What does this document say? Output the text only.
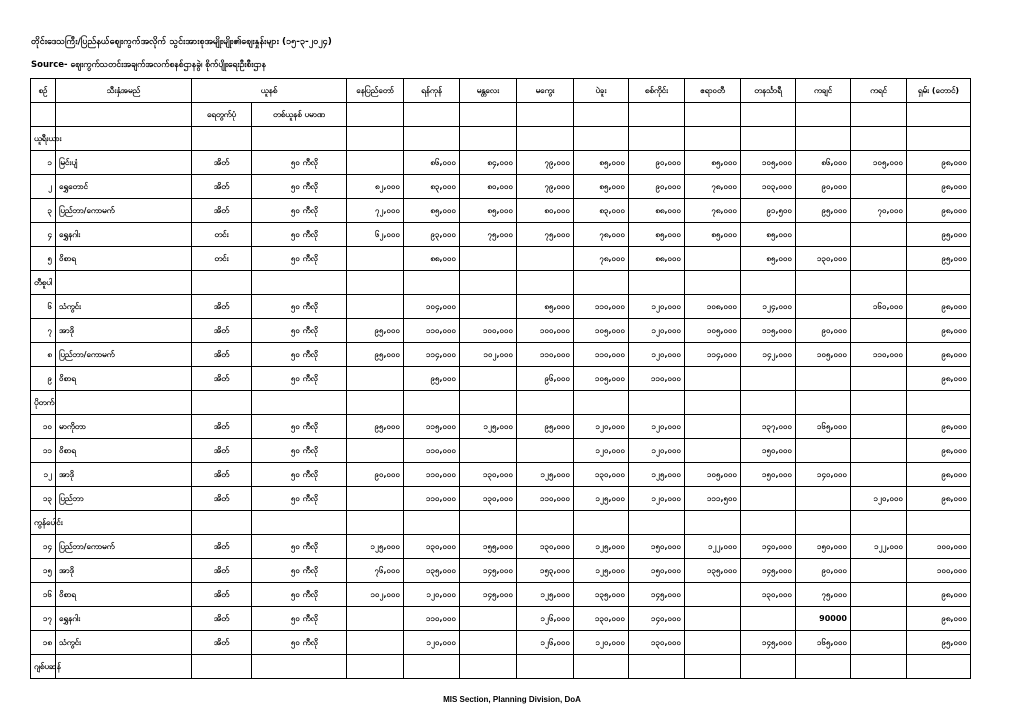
တိုင်းဒေသကြီး/ပြည်နယ်ဈေးကွက်အလိုက် သွင်းအားစုအမျိုးမျိုး၏ဈေးနှုန်းများ (၁၅-၃-၂၀၂၄)
Source- ဈေးကွက်သတင်းအချက်အလက်စနစ်ဌာနခွဲ၊ စိုက်ပျိုးရေးဦးစီးဌာန
စဉ်	သီးနှံအမည်	ယူနစ်		နေပြည်တော်	ရန်ကုန်	မန္တလေး	မကွေး	ပဲခူး	စစ်ကိုင်း	ဧရာဝတီ	တနင်္သာရီ	ကချင်	ကရင်	ရှမ်း (တောင်)
		ရေတွက်ပုံ	တစ်ယူနစ် ပမာဏ											
ယူရီးယား														
၁	မြင်းပျံ	အိတ်	၅၀ ကီလို		၈၆,၀၀၀	၈၄,၀၀၀	၇၉,၀၀၀	၈၅,၀၀၀	၉၀,၀၀၀	၈၅,၀၀၀	၁၀၅,၀၀၀	၈၆,၀၀၀	၁၀၅,၀၀၀	၉၈,၀၀၀
၂	ရွှေတောင်	အိတ်	၅၀ ကီလို	၈၂,၀၀၀	၈၃,၀၀၀	၈၀,၀၀၀	၇၉,၀၀၀	၈၅,၀၀၀	၉၀,၀၀၀	၇၈,၀၀၀	၁၀၃,၀၀၀	၉၀,၀၀၀		၉၈,၀၀၀
၃	ပြည်ဘာ/ကောမက်	အိတ်	၅၀ ကီလို	၇၂,၀၀၀	၈၅,၀၀၀	၈၅,၀၀၀	၈၀,၀၀၀	၈၃,၀၀၀	၈၈,၀၀၀	၇၈,၀၀၀	၉၁,၅၀၀	၉၅,၀၀၀	၇၀,၀၀၀	၉၈,၀၀၀
၄	ရွှေနဂါး	တင်း	၅၀ ကီလို	၆၂,၀၀၀	၉၃,၀၀၀	၇၅,၀၀၀	၇၅,၀၀၀	၇၈,၀၀၀	၈၅,၀၀၀	၈၅,၀၀၀	၈၅,၀၀၀			၉၅,၀၀၀
၅	ဝိစာရ	တင်း	၅၀ ကီလို		၈၈,၀၀၀			၇၈,၀၀၀	၈၈,၀၀၀		၈၅,၀၀၀	၁၃၀,၀၀၀		၉၅,၀၀၀
တီစူပါ														
၆	သံကွင်း	အိတ်	၅၀ ကီလို		၁၀၄,၀၀၀		၈၅,၀၀၀	၁၁၀,၀၀၀	၁၂၀,၀၀၀	၁၀၈,၀၀၀	၁၂၄,၀၀၀		၁၆၀,၀၀၀	၉၈,၀၀၀
၇	အာဒို	အိတ်	၅၀ ကီလို	၉၅,၀၀၀	၁၁၀,၀၀၀	၁၀၀,၀၀၀	၁၀၀,၀၀၀	၁၀၅,၀၀၀	၁၂၀,၀၀၀	၁၀၅,၀၀၀	၁၁၅,၀၀၀	၉၀,၀၀၀		၉၈,၀၀၀
၈	ပြည်ဘာ/ကောမက်	အိတ်	၅၀ ကီလို	၉၅,၀၀၀	၁၁၄,၀၀၀	၁၀၂,၀၀၀	၁၁၀,၀၀၀	၁၁၀,၀၀၀	၁၂၀,၀၀၀	၁၁၄,၀၀၀	၁၄၂,၀၀၀	၁၀၅,၀၀၀	၁၁၀,၀၀၀	၉၈,၀၀၀
၉	ဝိစာရ	အိတ်	၅၀ ကီလို		၉၅,၀၀၀		၉၆,၀၀၀	၁၀၅,၀၀၀	၁၁၀,၀၀၀					၉၈,၀၀၀
ပိုတက်														
၁၀	မာကိုတာ	အိတ်	၅၀ ကီလို	၉၅,၀၀၀	၁၁၅,၀၀၀	၁၂၅,၀၀၀	၉၅,၀၀၀	၁၂၀,၀၀၀	၁၂၀,၀၀၀		၁၃၇,၀၀၀	၁၆၅,၀၀၀		၉၈,၀၀၀
၁၁	ဝိစာရ	အိတ်	၅၀ ကီလို		၁၁၀,၀၀၀			၁၂၀,၀၀၀	၁၂၀,၀၀၀		၁၅၀,၀၀၀			၉၈,၀၀၀
၁၂	အာဒို	အိတ်	၅၀ ကီလို	၉၀,၀၀၀	၁၁၀,၀၀၀	၁၃၀,၀၀၀	၁၂၅,၀၀၀	၁၃၀,၀၀၀	၁၂၅,၀၀၀	၁၀၅,၀၀၀	၁၅၀,၀၀၀	၁၄၀,၀၀၀		၉၈,၀၀၀
၁၃	ပြည်ဘာ	အိတ်	၅၀ ကီလို		၁၁၀,၀၀၀	၁၃၀,၀၀၀	၁၁၀,၀၀၀	၁၂၅,၀၀၀	၁၂၀,၀၀၀	၁၁၁,၅၀၀			၁၂၀,၀၀၀	၉၈,၀၀၀
ကွန်ပေါင်း														
၁၄	ပြည်ဘာ/ကောမက်	အိတ်	၅၀ ကီလို	၁၂၅,၀၀၀	၁၃၀,၀၀၀	၁၅၅,၀၀၀	၁၃၀,၀၀၀	၁၂၅,၀၀၀	၁၅၀,၀၀၀	၁၂၂,၀၀၀	၁၄၀,၀၀၀	၁၅၀,၀၀၀	၁၂၂,၀၀၀	၁၀၀,၀၀၀
၁၅	အာဒို	အိတ်	၅၀ ကီလို	၇၆,၀၀၀	၁၃၅,၀၀၀	၁၄၅,၀၀၀	၁၅၃,၀၀၀	၁၂၅,၀၀၀	၁၅၀,၀၀၀	၁၃၅,၀၀၀	၁၄၅,၀၀၀	၉၀,၀၀၀		၁၀၀,၀၀၀
၁၆	ဝိစာရ	အိတ်	၅၀ ကီလို	၁၀၂,၀၀၀	၁၂၀,၀၀၀	၁၄၅,၀၀၀	၁၂၅,၀၀၀	၁၃၅,၀၀၀	၁၄၅,၀၀၀		၁၃၀,၀၀၀	၇၅,၀၀၀		၉၈,၀၀၀
၁၇	ရွှေနဂါး	အိတ်	၅၀ ကီလို		၁၁၀,၀၀၀		၁၂၆,၀၀၀	၁၃၀,၀၀၀	၁၄၀,၀၀၀			90000		၉၈,၀၀၀
၁၈	သံကွင်း	အိတ်	၅၀ ကီလို		၁၂၀,၀၀၀		၁၂၆,၀၀၀	၁၂၀,၀၀၀	၁၃၀,၀၀၀		၁၄၅,၀၀၀	၁၆၅,၀၀၀		၉၅,၀၀၀
ဂျစ်ပဆန်														
MIS Section, Planning Division, DoA
